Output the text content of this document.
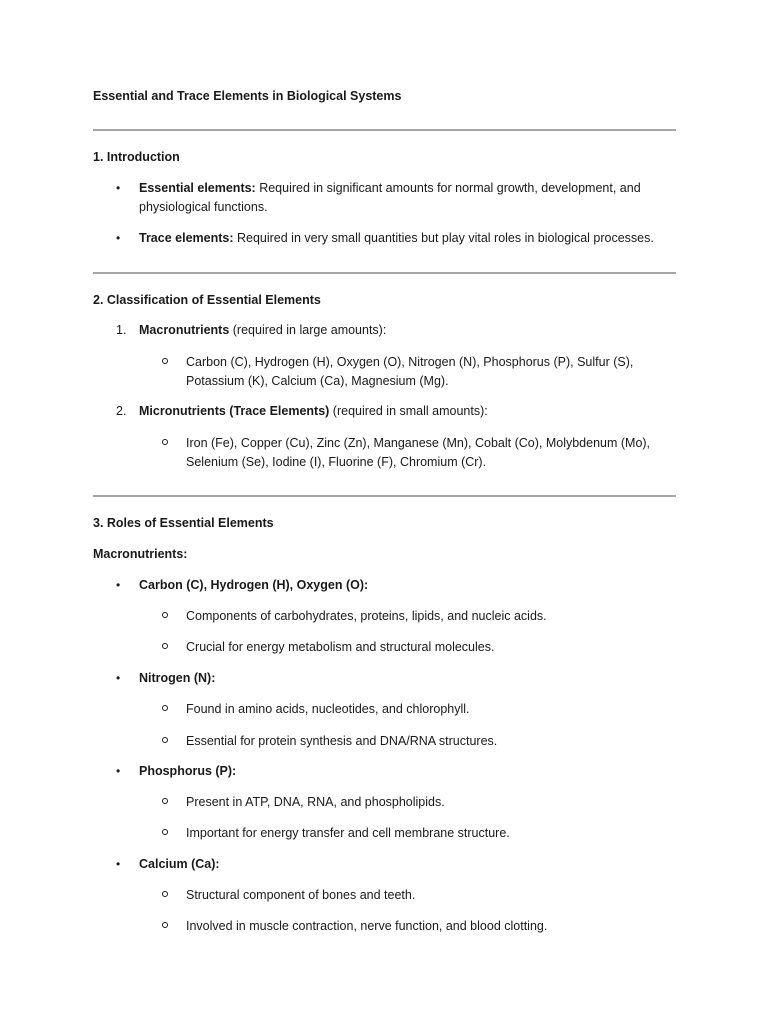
Essential and Trace Elements in Biological Systems
1. Introduction
• Essential elements: Required in significant amounts for normal growth, development, and
physiological functions.
• Trace elements: Required in very small quantities but play vital roles in biological processes.
2. Classification of Essential Elements
1. Macronutrients (required in large amounts):
Carbon (C), Hydrogen (H), Oxygen (O), Nitrogen (N), Phosphorus (P), Sulfur (S),
Potassium (K), Calcium (Ca), Magnesium (Mg).
2. Micronutrients (Trace Elements) (required in small amounts):
Iron (Fe), Copper (Cu), Zinc (Zn), Manganese (Mn), Cobalt (Co), Molybdenum (Mo),
Selenium (Se), Iodine (I), Fluorine (F), Chromium (Cr).
3. Roles of Essential Elements
Macronutrients:
• Carbon (C), Hydrogen (H), Oxygen (O):
Components of carbohydrates, proteins, lipids, and nucleic acids.
Crucial for energy metabolism and structural molecules.
• Nitrogen (N):
Found in amino acids, nucleotides, and chlorophyll.
Essential for protein synthesis and DNA/RNA structures.
• Phosphorus (P):
Present in ATP, DNA, RNA, and phospholipids.
Important for energy transfer and cell membrane structure.
• Calcium (Ca):
Structural component of bones and teeth.
Involved in muscle contraction, nerve function, and blood clotting.
